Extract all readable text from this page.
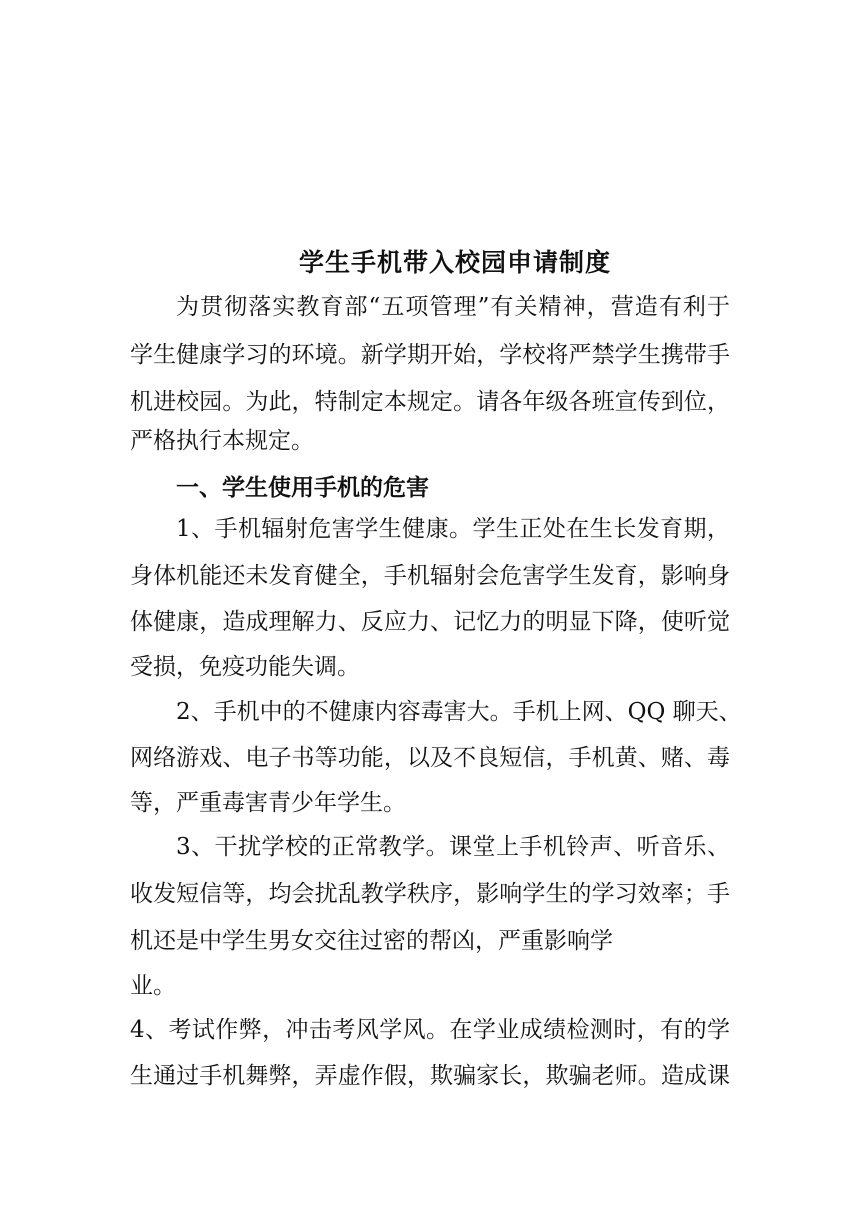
学生手机带入校园申请制度
为贯彻落实教育部“五项管理”有关精神，营造有利于
学生健康学习的环境。新学期开始，学校将严禁学生携带手
机进校园。为此，特制定本规定。请各年级各班宣传到位，
严格执行本规定。
一、学生使用手机的危害
1、手机辐射危害学生健康。学生正处在生长发育期，
身体机能还未发育健全，手机辐射会危害学生发育，影响身
体健康，造成理解力、反应力、记忆力的明显下降，使听觉
受损，免疫功能失调。
2、手机中的不健康内容毒害大。手机上网、QQ 聊天、
网络游戏、电子书等功能，以及不良短信，手机黄、赌、毒
等，严重毒害青少年学生。
3、干扰学校的正常教学。课堂上手机铃声、听音乐、
收发短信等，均会扰乱教学秩序，影响学生的学习效率；手
机还是中学生男女交往过密的帮凶，严重影响学
业。
4、考试作弊，冲击考风学风。在学业成绩检测时，有的学
生通过手机舞弊，弄虚作假，欺骗家长，欺骗老师。造成课
